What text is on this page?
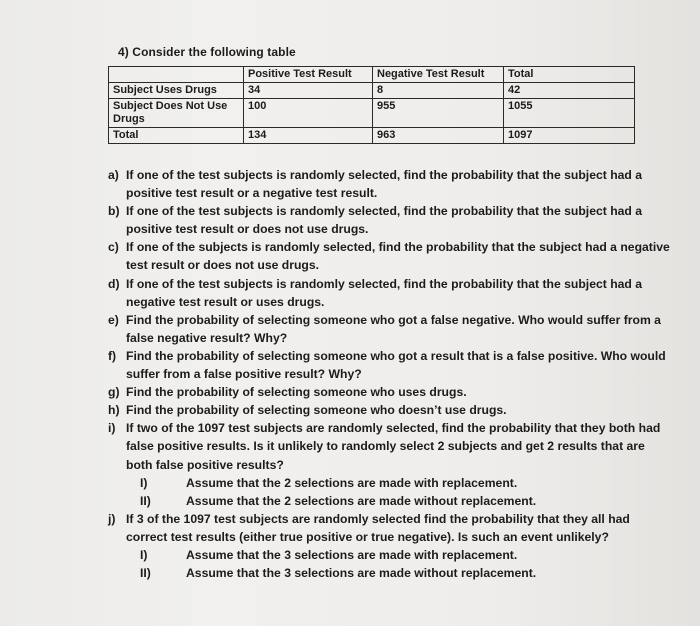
4) Consider the following table
	Positive Test Result	Negative Test Result	Total
Subject Uses Drugs	34	8	42
Subject Does Not Use Drugs	100	955	1055
Total	134	963	1097
a) If one of the test subjects is randomly selected, find the probability that the subject had a positive test result or a negative test result.
b) If one of the test subjects is randomly selected, find the probability that the subject had a positive test result or does not use drugs.
c) If one of the subjects is randomly selected, find the probability that the subject had a negative test result or does not use drugs.
d) If one of the test subjects is randomly selected, find the probability that the subject had a negative test result or uses drugs.
e) Find the probability of selecting someone who got a false negative. Who would suffer from a false negative result? Why?
f) Find the probability of selecting someone who got a result that is a false positive. Who would suffer from a false positive result? Why?
g) Find the probability of selecting someone who uses drugs.
h) Find the probability of selecting someone who doesn’t use drugs.
i) If two of the 1097 test subjects are randomly selected, find the probability that they both had false positive results. Is it unlikely to randomly select 2 subjects and get 2 results that are both false positive results?
I)	Assume that the 2 selections are made with replacement.
II)	Assume that the 2 selections are made without replacement.
j) If 3 of the 1097 test subjects are randomly selected find the probability that they all had correct test results (either true positive or true negative). Is such an event unlikely?
I)	Assume that the 3 selections are made with replacement.
II)	Assume that the 3 selections are made without replacement.
